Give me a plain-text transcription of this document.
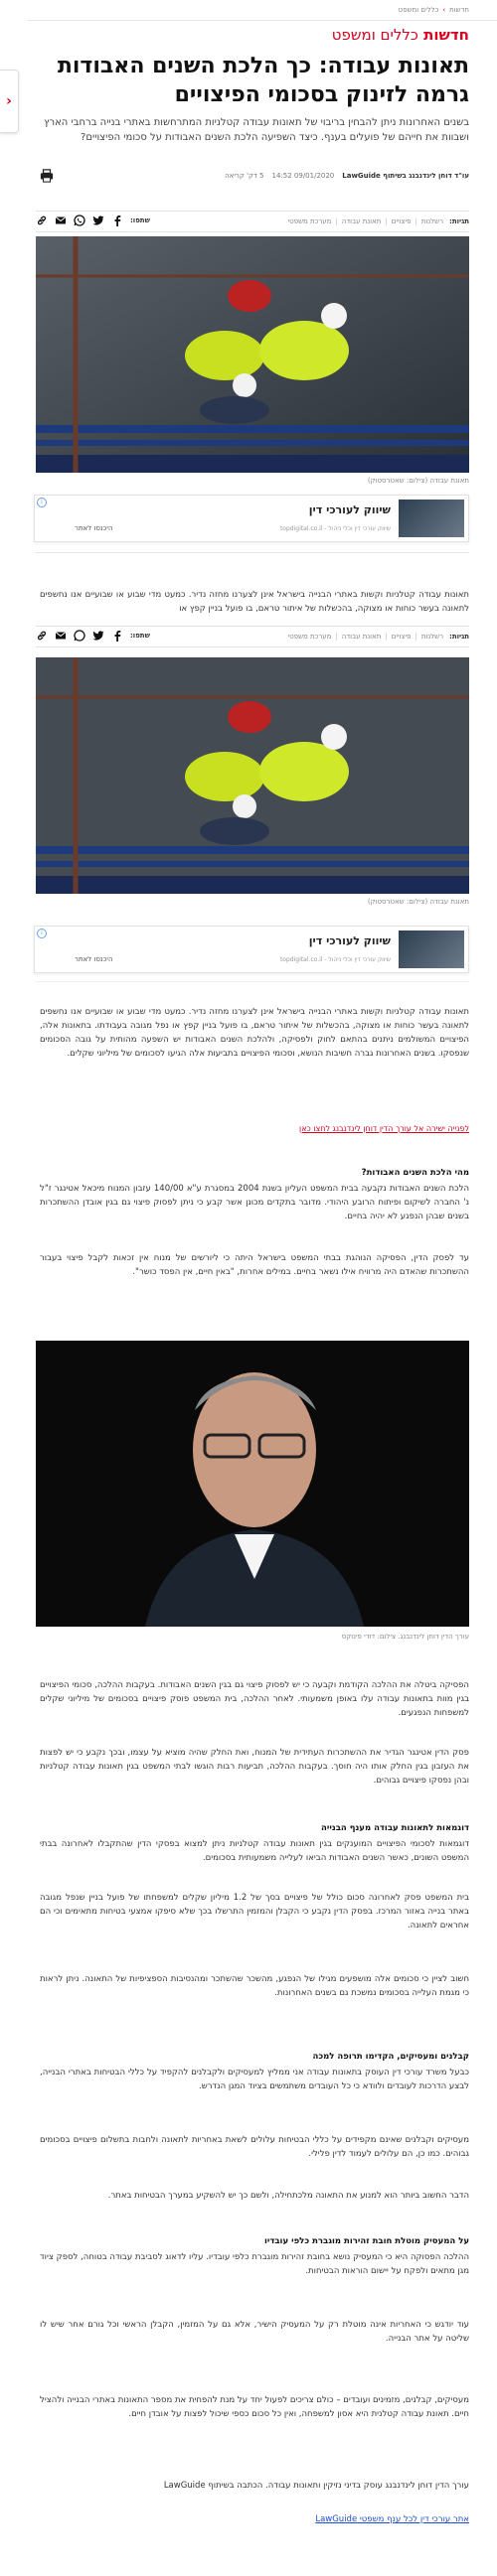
‹
חדשות
›
כללים ומשפט
חדשות כללים ומשפט
תאונות עבודה: כך הלכת השנים האבודות גרמה לזינוק בסכומי הפיצויים

בשנים האחרונות ניתן להבחין בריבוי של תאונות עבודה קטלניות המתרחשות באתרי בנייה ברחבי הארץ ושבוות את חייהם של פועלים בענף. כיצד השפיעה הלכת השנים האבודות על סכומי הפיצויים?

עו"ד דוחן לינדנבנג בשיתוף LawGuide
09/01/2020 14:52
5 דק' קריאה
תגיות:
רשלנות
| פיצויים
| תאונת עבודה
| מערכת משפטי
שתפו:
תאונת עבודה (צילום: שאטרסטוק)
שיווק לעורכי דין
שיווק עורכי דין וכלי ניהול - topdigital.co.il
היכנסו לאתר
i

תאונות עבודה קטלניות וקשות באתרי הבנייה בישראל אינן לצערנו מחזה נדיר. כמעט מדי שבוע או שבועיים אנו נחשפים לתאונה בעשר כוחות או מצוקה, בהכשלות של איתור טראם, בו פועל בניין קפץ או

תגיות:
רשלנות
| פיצויים
| תאונת עבודה
| מערכת משפטי
שתפו:
תאונת עבודה (צילום: שאטרסטוק)
שיווק לעורכי דין
שיווק עורכי דין וכלי ניהול - topdigital.co.il
היכנסו לאתר
i

תאונות עבודה קטלניות וקשות באתרי הבנייה בישראל אינן לצערנו מחזה נדיר. כמעט מדי שבוע או שבועיים אנו נחשפים לתאונה בעשר כוחות או מצוקה, בהכשלות של איתור טראם, בו פועל בניין קפץ או נפל מגובה בעבודתו. בתאונות אלה, הפיצויים המשולמים ניתנים בהתאם לחוק ולפסיקה, ולהלכת השנים האבודות יש השפעה מהותית על גובה הסכומים שנפסקו. בשנים האחרונות גברה חשיבות הנושא, וסכומי הפיצויים בתביעות אלה הגיעו לסכומים של מיליוני שקלים.

לפנייה ישירה אל עורך הדין דוחן לינדנבנג לחצו כאן
מהי הלכת השנים האבודות?

הלכת השנים האבודות נקבעה בבית המשפט העליון בשנת 2004 במסגרת ע"א 140/00 עזבון המנוח מיכאל אטינגר ז"ל נ' החברה לשיקום ופיתוח הרובע היהודי. מדובר בתקדים מכונן אשר קבע כי ניתן לפסוק פיצוי גם בגין אובדן ההשתכרות בשנים שבהן הנפגע לא יהיה בחיים.

עד לפסק הדין, הפסיקה הנוהגת בבתי המשפט בישראל היתה כי ליורשים של מנוח אין זכאות לקבל פיצוי בעבור ההשתכרות שהאדם היה מרוויח אילו נשאר בחיים. במילים אחרות, "באין חיים, אין הפסד כושר".

עורך הדין דוחן לינדנבנג. צילום: דודי פינוקס

הפסיקה ביטלה את ההלכה הקודמת וקבעה כי יש לפסוק פיצוי גם בגין השנים האבודות. בעקבות ההלכה, סכומי הפיצויים בגין מוות בתאונות עבודה עלו באופן משמעותי. לאחר ההלכה, בית המשפט פוסק פיצויים בסכומים של מיליוני שקלים למשפחות הנפגעים.

פסק הדין אטינגר הגדיר את ההשתכרות העתידית של המנוח, ואת החלק שהיה מוציא על עצמו, ובכך נקבע כי יש לפצות את העזבון בגין החלק אותו היה חוסך. בעקבות ההלכה, תביעות רבות הוגשו לבתי המשפט בגין תאונות עבודה קטלניות ובהן נפסקו פיצויים גבוהים.

דוגמאות לתאונות עבודה מענף הבנייה

דוגמאות לסכומי הפיצויים המוענקים בגין תאונות עבודה קטלניות ניתן למצוא בפסקי הדין שהתקבלו לאחרונה בבתי המשפט השונים, כאשר השנים האבודות הביאו לעלייה משמעותית בסכומים.

בית המשפט פסק לאחרונה סכום כולל של פיצויים בסך של 1.2 מיליון שקלים למשפחתו של פועל בניין שנפל מגובה באתר בנייה באזור המרכז. בפסק הדין נקבע כי הקבלן והמזמין התרשלו בכך שלא סיפקו אמצעי בטיחות מתאימים וכי הם אחראים לתאונה.

חשוב לציין כי סכומים אלה מושפעים מגילו של הנפגע, מהשכר שהשתכר ומהנסיבות הספציפיות של התאונה. ניתן לראות כי מגמת העלייה בסכומים נמשכת גם בשנים האחרונות.

קבלנים ומעסיקים, הקדימו תרופה למכה

כבעל משרד עורכי דין העוסק בתאונות עבודה אני ממליץ למעסיקים ולקבלנים להקפיד על כללי הבטיחות באתרי הבנייה, לבצע הדרכות לעובדים ולוודא כי כל העובדים משתמשים בציוד המגן הנדרש.

מעסיקים וקבלנים שאינם מקפידים על כללי הבטיחות עלולים לשאת באחריות לתאונה ולחבות בתשלום פיצויים בסכומים גבוהים. כמו כן, הם עלולים לעמוד לדין פלילי.

הדבר החשוב ביותר הוא למנוע את התאונה מלכתחילה, ולשם כך יש להשקיע במערך הבטיחות באתר.

על המעסיק מוטלת חובת זהירות מוגברת כלפי עובדיו

ההלכה הפסוקה היא כי המעסיק נושא בחובת זהירות מוגברת כלפי עובדיו. עליו לדאוג לסביבת עבודה בטוחה, לספק ציוד מגן מתאים ולפקח על יישום הוראות הבטיחות.

עוד יודגש כי האחריות אינה מוטלת רק על המעסיק הישיר, אלא גם על המזמין, הקבלן הראשי וכל גורם אחר שיש לו שליטה על אתר הבנייה.

מעסיקים, קבלנים, מזמינים ועובדים – כולם צריכים לפעול יחד על מנת להפחית את מספר התאונות באתרי הבנייה ולהציל חיים. תאונת עבודה קטלנית היא אסון למשפחה, ואין כל סכום כספי שיכול לפצות על אובדן חיים.

עורך הדין דוחן לינדנבנג עוסק בדיני נזיקין ותאונות עבודה. הכתבה בשיתוף LawGuide

אתר עורכי דין לכל ענף משפטי LawGuide
